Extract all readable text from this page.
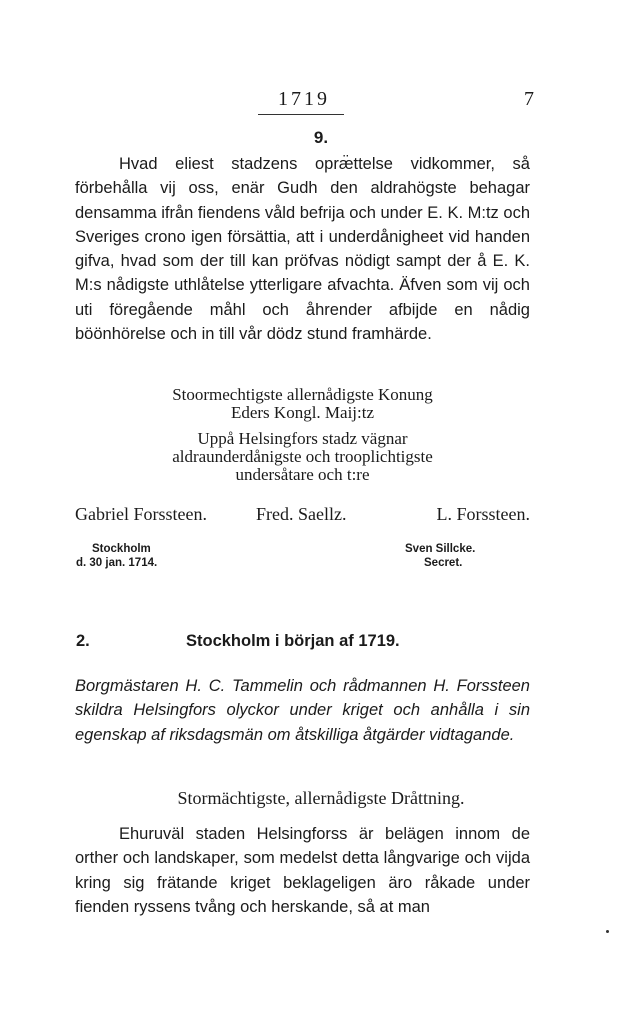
1719	7
9.

Hvad eliest stadzens opræ̈ttelse vidkommer, så förbehålla vij oss, enär Gudh den aldrahögste behagar densamma ifrån fiendens våld befrija och under E. K. M:tz och Sveriges crono igen försättia, att i underdånigheet vid handen gifva, hvad som der till kan pröfvas nödigt sampt der å E. K. M:s nådigste uthlåtelse ytterligare afvachta. Äfven som vij och uti föregående måhl och åhrender afbijde en nådig böönhörelse och in till vår dödz stund framhärde.

Stoormechtigste allernådigste Konung
Eders Kongl. Maij:tz
Uppå Helsingfors stadz vägnar
aldraunderdånigste och trooplichtigste
undersåtare och t:re
Gabriel Forssteen.	Fred. Saellz.	L. Forssteen.
Stockholm
d. 30 jan. 1714.
Sven Sillcke.
Secret.
2.	Stockholm i början af 1719.

Borgmästaren H. C. Tammelin och rådmannen H. Forssteen skildra Helsingfors olyckor under kriget och anhålla i sin egenskap af riksdagsmän om åtskilliga åtgärder vidtagande.

Stormächtigste, allernådigste Dråttning.

Ehuruväl staden Helsingforss är belägen innom de orther och landskaper, som medelst detta långvarige och vijda kring sig frätande kriget beklageligen äro råkade under fienden ryssens tvång och herskande, så at man
